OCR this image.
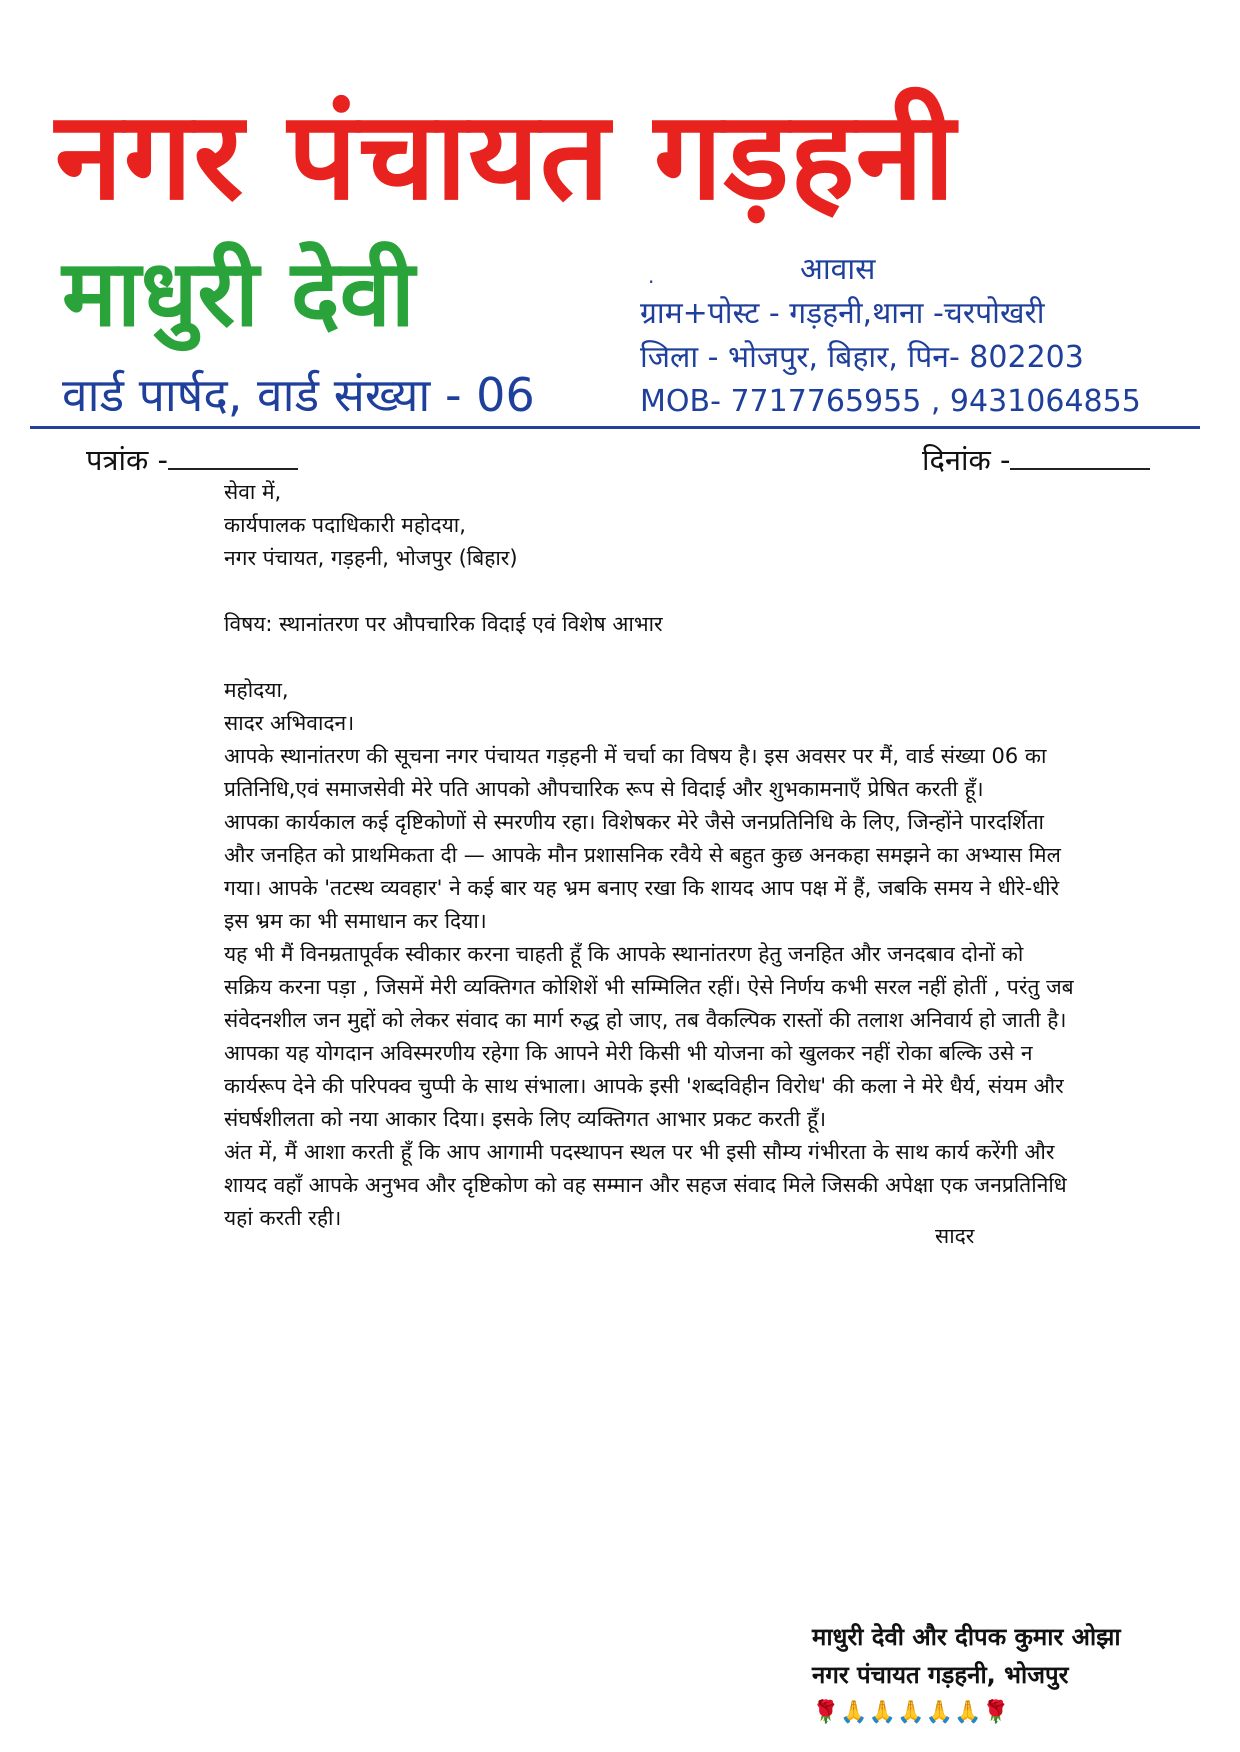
नगर पंचायत गड़हनी
माधुरी देवी
वार्ड पार्षद, वार्ड संख्या - 06
.	आवास
ग्राम+पोस्ट - गड़हनी,थाना -चरपोखरी
जिला - भोजपुर, बिहार, पिन- 802203
MOB- 7717765955 , 9431064855
पत्रांक -	दिनांक -

सेवा में,

कार्यपालक पदाधिकारी महोदया,

नगर पंचायत, गड़हनी, भोजपुर (बिहार)

विषय: स्थानांतरण पर औपचारिक विदाई एवं विशेष आभार

महोदया,

सादर अभिवादन।

आपके स्थानांतरण की सूचना नगर पंचायत गड़हनी में चर्चा का विषय है। इस अवसर पर मैं, वार्ड संख्या 06 का

प्रतिनिधि,एवं समाजसेवी मेरे पति आपको औपचारिक रूप से विदाई और शुभकामनाएँ प्रेषित करती हूँ।

आपका कार्यकाल कई दृष्टिकोणों से स्मरणीय रहा। विशेषकर मेरे जैसे जनप्रतिनिधि के लिए, जिन्होंने पारदर्शिता

और जनहित को प्राथमिकता दी — आपके मौन प्रशासनिक रवैये से बहुत कुछ अनकहा समझने का अभ्यास मिल

गया। आपके 'तटस्थ व्यवहार' ने कई बार यह भ्रम बनाए रखा कि शायद आप पक्ष में हैं, जबकि समय ने धीरे-धीरे

इस भ्रम का भी समाधान कर दिया।

यह भी मैं विनम्रतापूर्वक स्वीकार करना चाहती हूँ कि आपके स्थानांतरण हेतु जनहित और जनदबाव दोनों को

सक्रिय करना पड़ा , जिसमें मेरी व्यक्तिगत कोशिशें भी सम्मिलित रहीं। ऐसे निर्णय कभी सरल नहीं होतीं , परंतु जब

संवेदनशील जन मुद्दों को लेकर संवाद का मार्ग रुद्ध हो जाए, तब वैकल्पिक रास्तों की तलाश अनिवार्य हो जाती है।

आपका यह योगदान अविस्मरणीय रहेगा कि आपने मेरी किसी भी योजना को खुलकर नहीं रोका बल्कि उसे न

कार्यरूप देने की परिपक्व चुप्पी के साथ संभाला। आपके इसी 'शब्दविहीन विरोध' की कला ने मेरे धैर्य, संयम और

संघर्षशीलता को नया आकार दिया। इसके लिए व्यक्तिगत आभार प्रकट करती हूँ।

अंत में, मैं आशा करती हूँ कि आप आगामी पदस्थापन स्थल पर भी इसी सौम्य गंभीरता के साथ कार्य करेंगी और

शायद वहाँ आपके अनुभव और दृष्टिकोण को वह सम्मान और सहज संवाद मिले जिसकी अपेक्षा एक जनप्रतिनिधि

यहां करती रही।

सादर
माधुरी देवी और दीपक कुमार ओझा
नगर पंचायत गड़हनी, भोजपुर
🌹🙏🙏🙏🙏🙏🌹
